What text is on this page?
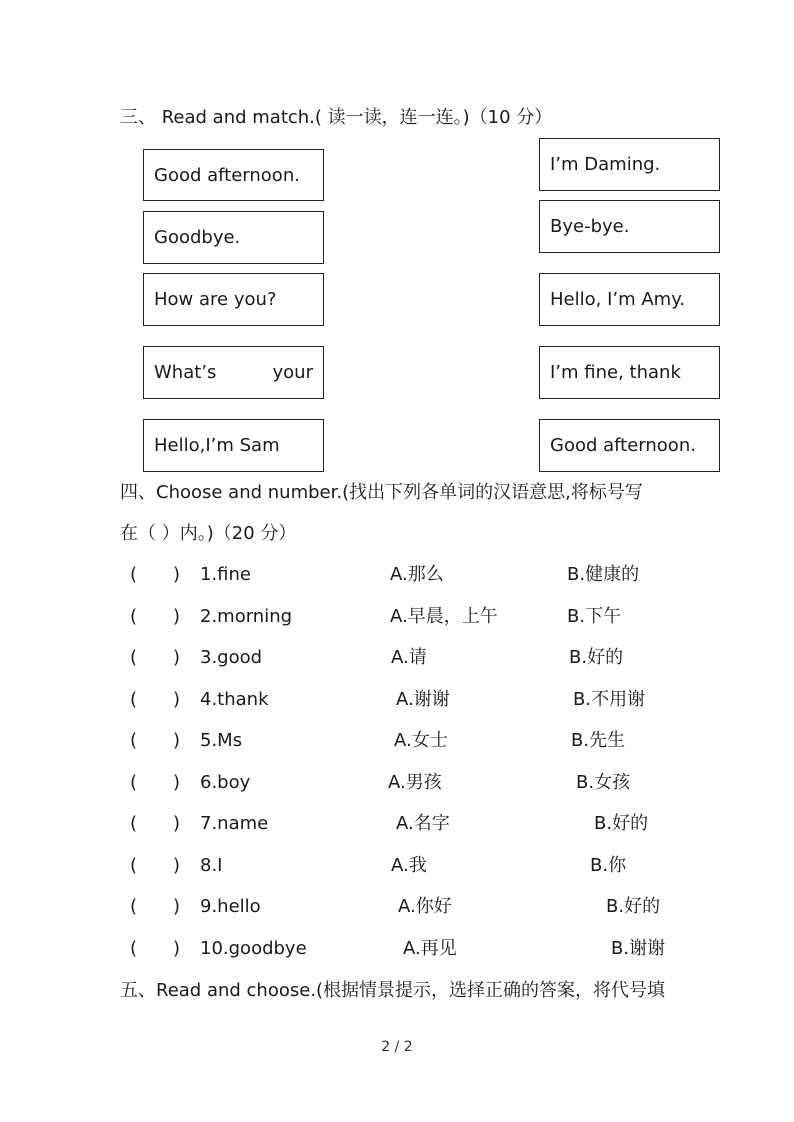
三、 Read and match.( 读一读，连一连。)（10 分）
Good afternoon.
Goodbye.
How are you?
What’s	your
Hello,I’m Sam
I’m Daming.
Bye-bye.
Hello, I’m Amy.
I’m fine, thank
Good afternoon.
四、Choose and number.(找出下列各单词的汉语意思,将标号写
在（ ）内。)（20 分）
(　　) 1.fine	A.那么	B.健康的
(　　) 2.morning	A.早晨，上午	B.下午
(　　) 3.good	A.请	B.好的
(　　) 4.thank	A.谢谢	B.不用谢
(　　) 5.Ms	A.女士	B.先生
(　　) 6.boy	A.男孩	B.女孩
(　　) 7.name	A.名字	B.好的
(　　) 8.I	A.我	B.你
(　　) 9.hello	A.你好	B.好的
(　　) 10.goodbye	A.再见	B.谢谢
五、Read and choose.(根据情景提示，选择正确的答案，将代号填
2 / 2
